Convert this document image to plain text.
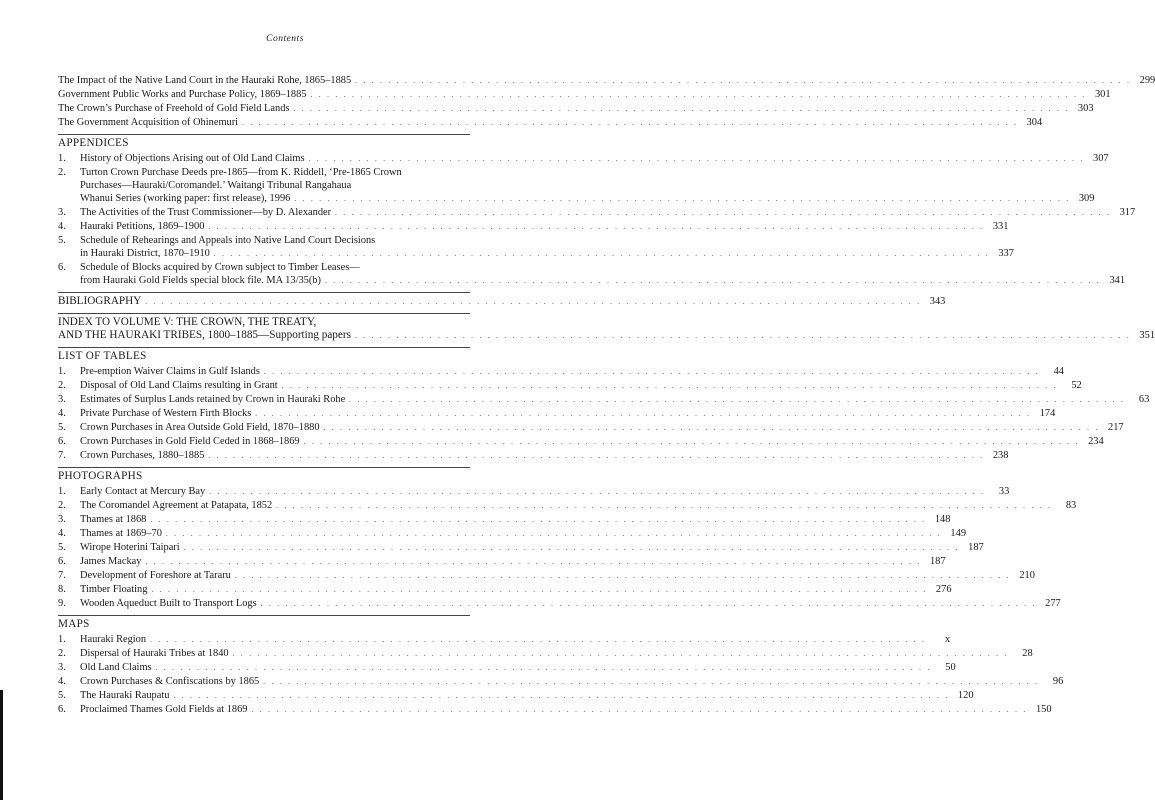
Contents
The Impact of the Native Land Court in the Hauraki Rohe, 1865–1885 . . .	299
Government Public Works and Purchase Policy, 1869–1885 . . .	301
The Crown’s Purchase of Freehold of Gold Field Lands . . .	303
The Government Acquisition of Ohinemuri . . .	304
APPENDICES
1.	History of Objections Arising out of Old Land Claims . . .	307
2.	Turton Crown Purchase Deeds pre-1865—from K. Riddell, ‘Pre-1865 Crown
Purchases—Hauraki/Coromandel.’ Waitangi Tribunal Rangahaua
Whanui Series (working paper: first release), 1996 . . .	309
3.	The Activities of the Trust Commissioner—by D. Alexander . . .	317
4.	Hauraki Petitions, 1869–1900 . . .	331
5.	Schedule of Rehearings and Appeals into Native Land Court Decisions
in Hauraki District, 1870–1910 . . .	337
6.	Schedule of Blocks acquired by Crown subject to Timber Leases—
from Hauraki Gold Fields special block file. MA 13/35(b) . . .	341
BIBLIOGRAPHY . . .	343
INDEX TO VOLUME V: THE CROWN, THE TREATY,
AND THE HAURAKI TRIBES, 1800–1885—Supporting papers . . .	351
LIST OF TABLES
1.	Pre-emption Waiver Claims in Gulf Islands . . .	44
2.	Disposal of Old Land Claims resulting in Grant . . .	52
3.	Estimates of Surplus Lands retained by Crown in Hauraki Rohe . . .	63
4.	Private Purchase of Western Firth Blocks . . .	174
5.	Crown Purchases in Area Outside Gold Field, 1870–1880 . . .	217
6.	Crown Purchases in Gold Field Ceded in 1868–1869 . . .	234
7.	Crown Purchases, 1880–1885 . . .	238
PHOTOGRAPHS
1.	Early Contact at Mercury Bay . . .	33
2.	The Coromandel Agreement at Patapata, 1852 . . .	83
3.	Thames at 1868 . . .	148
4.	Thames at 1869–70 . . .	149
5.	Wirope Hoterini Taipari . . .	187
6.	James Mackay . . .	187
7.	Development of Foreshore at Tararu . . .	210
8.	Timber Floating . . .	276
9.	Wooden Aqueduct Built to Transport Logs . . .	277
MAPS
1.	Hauraki Region . . .	x
2.	Dispersal of Hauraki Tribes at 1840 . . .	28
3.	Old Land Claims . . .	50
4.	Crown Purchases & Confiscations by 1865 . . .	96
5.	The Hauraki Raupatu . . .	120
6.	Proclaimed Thames Gold Fields at 1869 . . .	150
